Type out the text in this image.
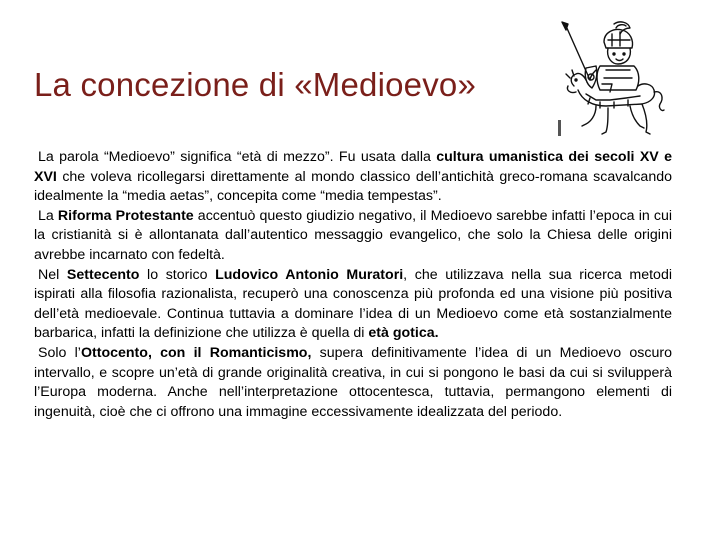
La concezione di «Medioevo»

La parola “Medioevo” significa “età di mezzo”. Fu usata dalla cultura umanistica dei secoli XV e XVI che voleva ricollegarsi direttamente al mondo classico dell’antichità greco-romana scavalcando idealmente la “media aetas”, concepita come “media tempestas”.

La Riforma Protestante accentuò questo giudizio negativo, il Medioevo sarebbe infatti l’epoca in cui la cristianità si è allontanata dall’autentico messaggio evangelico, che solo la Chiesa delle origini avrebbe incarnato con fedeltà.

Nel Settecento lo storico Ludovico Antonio Muratori, che utilizzava nella sua ricerca metodi ispirati alla filosofia razionalista, recuperò una conoscenza più profonda ed una visione più positiva dell’età medioevale. Continua tuttavia a dominare l’idea di un Medioevo come età sostanzialmente barbarica, infatti la definizione che utilizza è quella di età gotica.

Solo l’Ottocento, con il Romanticismo, supera definitivamente l’idea di un Medioevo oscuro intervallo, e scopre un’età di grande originalità creativa, in cui si pongono le basi da cui si svilupperà l’Europa moderna. Anche nell’interpretazione ottocentesca, tuttavia, permangono elementi di ingenuità, cioè che ci offrono una immagine eccessivamente idealizzata del periodo.
